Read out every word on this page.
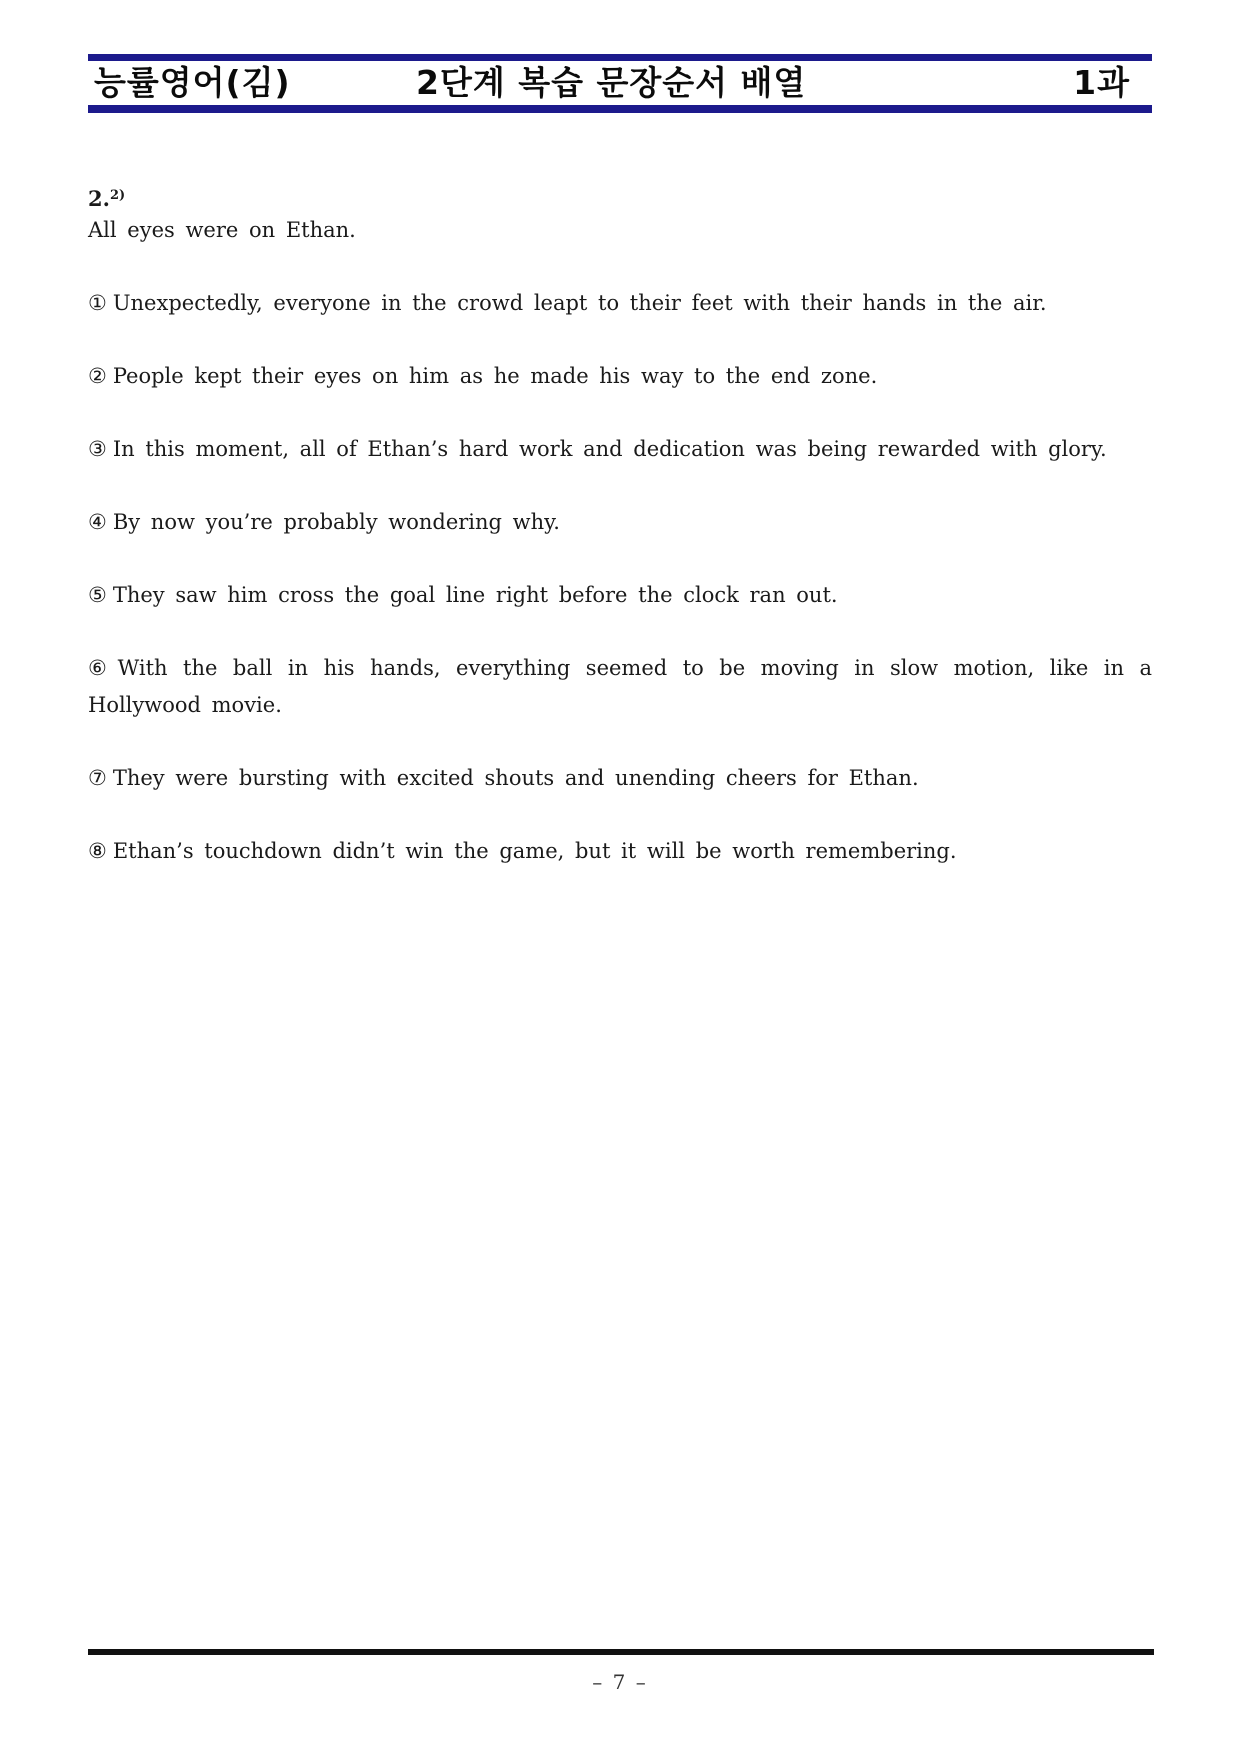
능률영어(김)	2단계 복습 문장순서 배열	1과
2.$^{2)}$
All eyes were on Ethan.
① Unexpectedly, everyone in the crowd leapt to their feet with their hands in the air.
② People kept their eyes on him as he made his way to the end zone.
③ In this moment, all of Ethan’s hard work and dedication was being rewarded with glory.
④ By now you’re probably wondering why.
⑤ They saw him cross the goal line right before the clock ran out.
⑥ With the ball in his hands, everything seemed to be moving in slow motion, like in a Hollywood movie.
⑦ They were bursting with excited shouts and unending cheers for Ethan.
⑧ Ethan’s touchdown didn’t win the game, but it will be worth remembering.
– 7 –
